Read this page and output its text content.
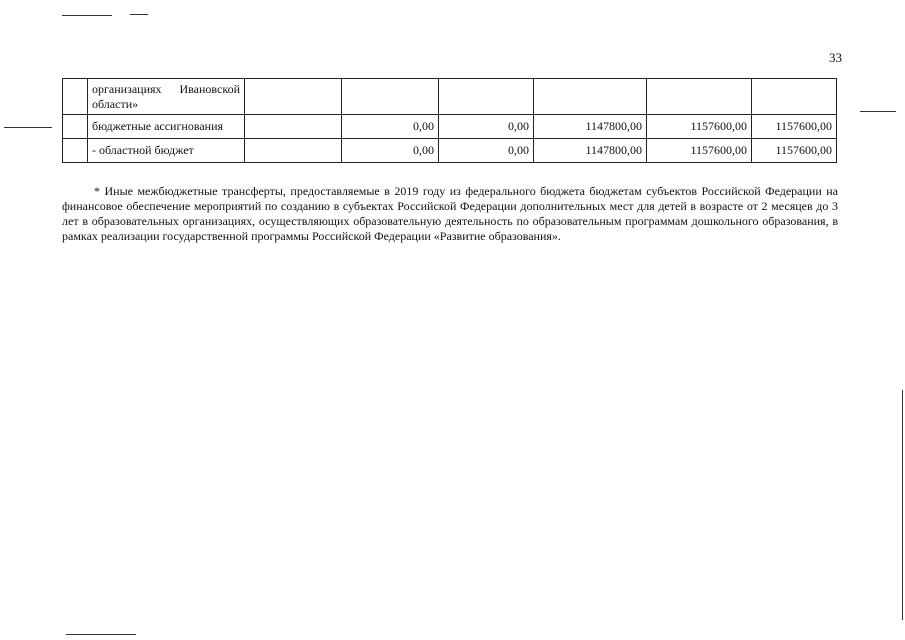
33

	организациях Ивановской области»						

	бюджетные ассигнования		0,00	0,00	1147800,00	1157600,00	1157600,00
	- областной бюджет		0,00	0,00	1147800,00	1157600,00	1157600,00

* Иные межбюджетные трансферты, предоставляемые в 2019 году из федерального бюджета бюджетам субъектов Российской Федерации на финансовое обеспечение мероприятий по созданию в субъектах Российской Федерации дополнительных мест для детей в возрасте от 2 месяцев до 3 лет в образовательных организациях, осуществляющих образовательную деятельность по образовательным программам дошкольного образования, в рамках реализации государственной программы Российской Федерации «Развитие образования».
